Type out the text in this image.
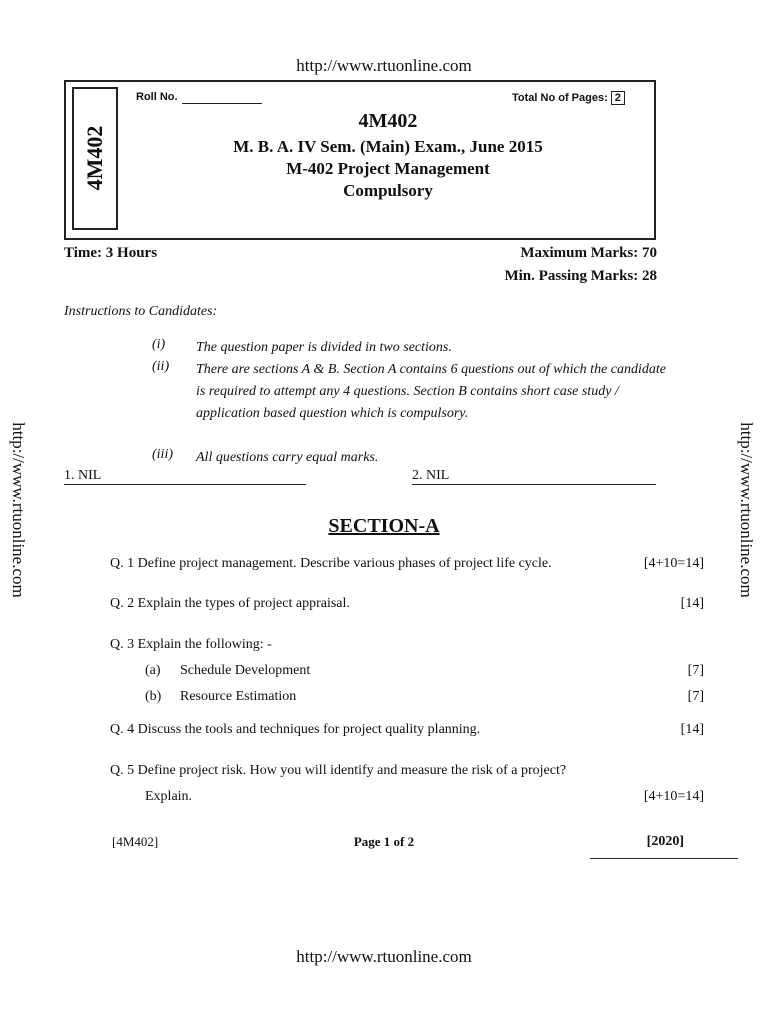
http://www.rtuonline.com
http://www.rtuonline.com	http://www.rtuonline.com
4M402
Roll No.	Total No of Pages: 2
4M402
M. B. A. IV Sem. (Main) Exam., June 2015
M-402 Project Management
Compulsory
Time: 3 Hours	Maximum Marks: 70
Min. Passing Marks: 28
Instructions to Candidates:
(i) The question paper is divided in two sections.
(ii) There are sections A & B. Section A contains 6 questions out of which the candidate is required to attempt any 4 questions. Section B contains short case study / application based question which is compulsory.
(iii) All questions carry equal marks.
1. NIL	2. NIL
SECTION-A
Q. 1 Define project management. Describe various phases of project life cycle.	[4+10=14]
Q. 2 Explain the types of project appraisal.	[14]
Q. 3 Explain the following: -
(a) Schedule Development	[7]
(b) Resource Estimation	[7]
Q. 4 Discuss the tools and techniques for project quality planning.	[14]
Q. 5 Define project risk. How you will identify and measure the risk of a project?
Explain.	[4+10=14]
[4M402]	Page 1 of 2	[2020]
http://www.rtuonline.com
